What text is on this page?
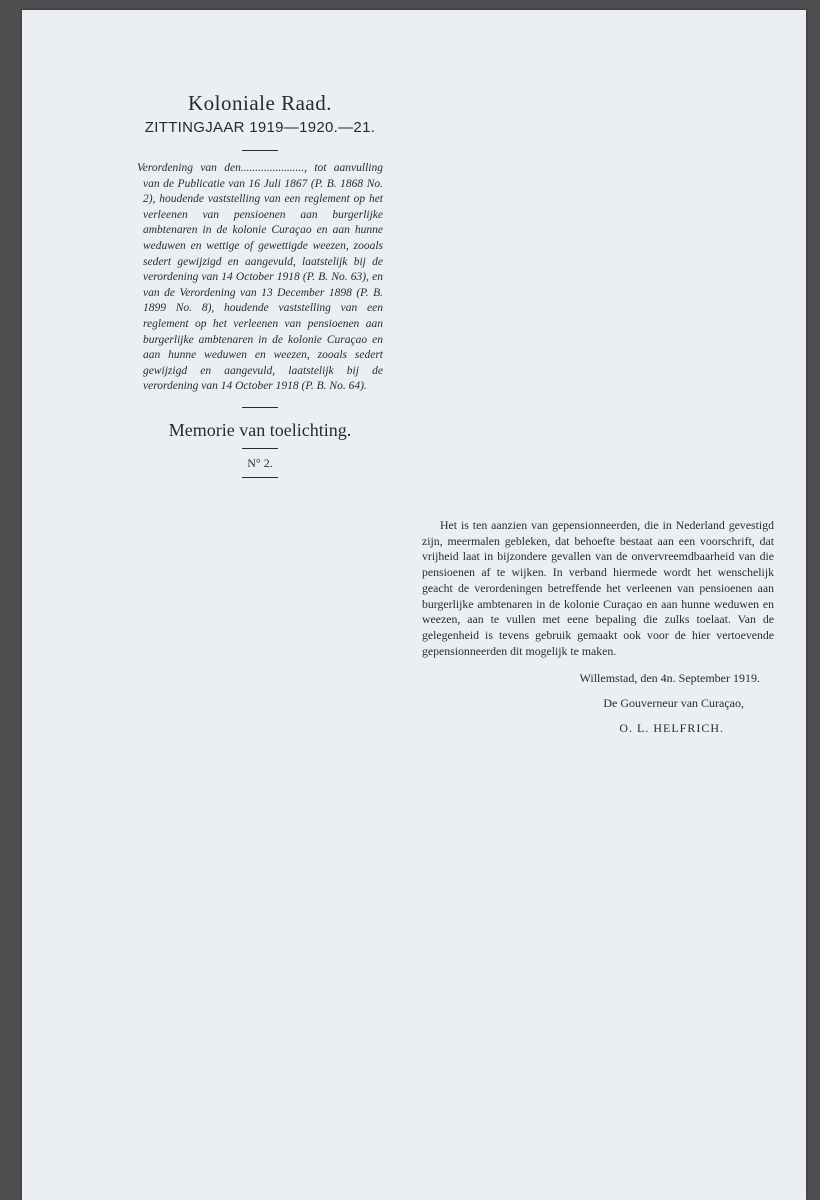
Koloniale Raad.
ZITTINGJAAR 1919—1920.—21.
Verordening van den......................, tot aanvulling van de Publicatie van 16 Juli 1867 (P. B. 1868 No. 2), houdende vaststelling van een reglement op het verleenen van pensioenen aan burgerlijke ambtenaren in de kolonie Curaçao en aan hunne weduwen en wettige of gewettigde weezen, zooals sedert gewijzigd en aangevuld, laatstelijk bij de verordening van 14 October 1918 (P. B. No. 63), en van de Verordening van 13 December 1898 (P. B. 1899 No. 8), houdende vaststelling van een reglement op het verleenen van pensioenen aan burgerlijke ambtenaren in de kolonie Curaçao en aan hunne weduwen en weezen, zooals sedert gewijzigd en aangevuld, laatstelijk bij de verordening van 14 October 1918 (P. B. No. 64).
Memorie van toelichting.
N° 2.

Het is ten aanzien van gepensionneerden, die in Nederland gevestigd zijn, meermalen gebleken, dat behoefte bestaat aan een voorschrift, dat vrijheid laat in bijzondere gevallen van de onvervreemdbaarheid van die pensioenen af te wijken. In verband hiermede wordt het wenschelijk geacht de verordeningen betreffende het verleenen van pensioenen aan burgerlijke ambtenaren in de kolonie Curaçao en aan hunne weduwen en weezen, aan te vullen met eene bepaling die zulks toelaat. Van de gelegenheid is tevens gebruik gemaakt ook voor de hier vertoevende gepensionneerden dit mogelijk te maken.

Willemstad, den 4n. September 1919.
De Gouverneur van Curaçao,
O. L. HELFRICH.
